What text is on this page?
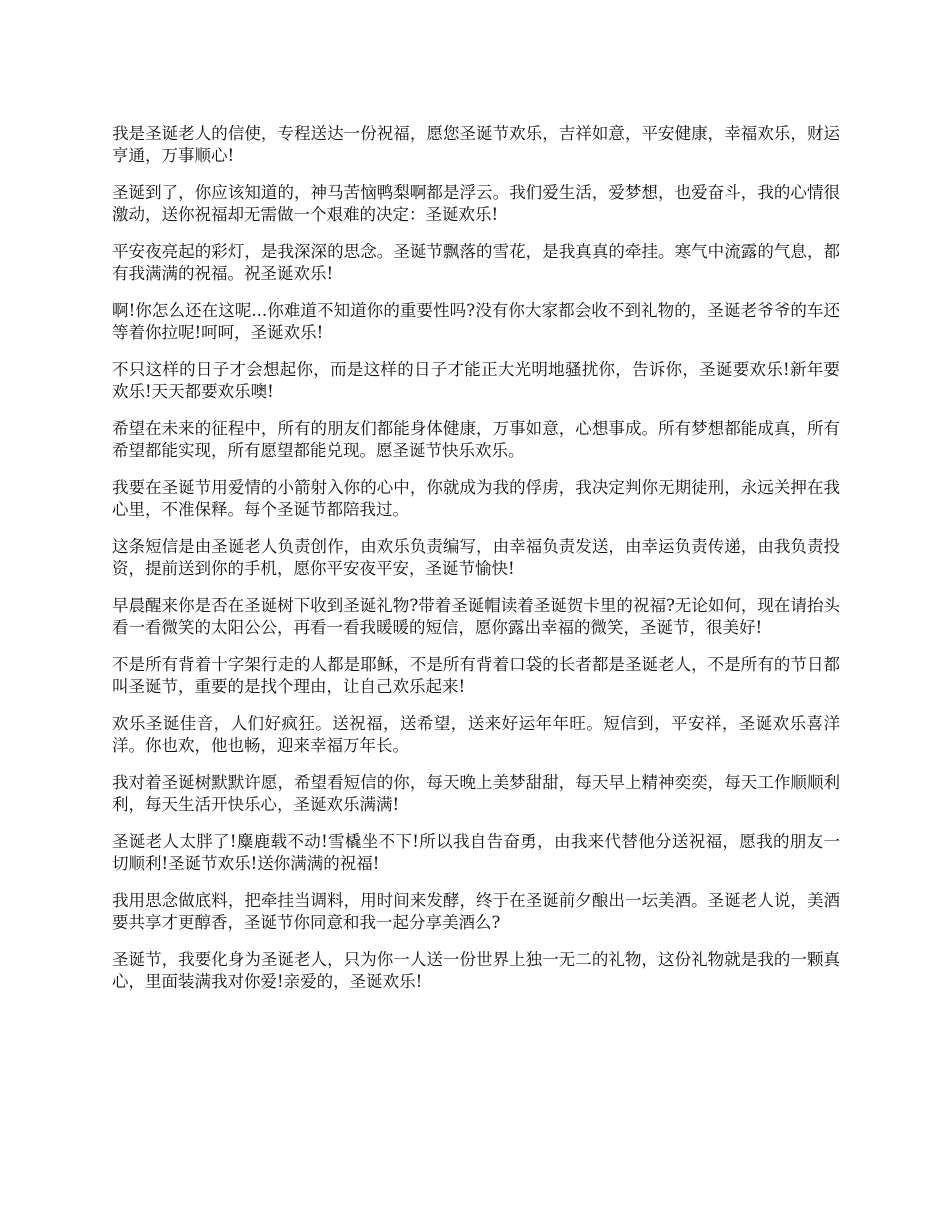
我是圣诞老人的信使，专程送达一份祝福，愿您圣诞节欢乐，吉祥如意，平安健康，幸福欢乐，财运亨通，万事顺心!

圣诞到了，你应该知道的，神马苦恼鸭梨啊都是浮云。我们爱生活，爱梦想，也爱奋斗，我的心情很激动，送你祝福却无需做一个艰难的决定：圣诞欢乐!

平安夜亮起的彩灯，是我深深的思念。圣诞节飘落的雪花，是我真真的牵挂。寒气中流露的气息，都有我满满的祝福。祝圣诞欢乐!

啊!你怎么还在这呢...你难道不知道你的重要性吗?没有你大家都会收不到礼物的，圣诞老爷爷的车还等着你拉呢!呵呵，圣诞欢乐!

不只这样的日子才会想起你，而是这样的日子才能正大光明地骚扰你，告诉你，圣诞要欢乐!新年要欢乐!天天都要欢乐噢!

希望在未来的征程中，所有的朋友们都能身体健康，万事如意，心想事成。所有梦想都能成真，所有希望都能实现，所有愿望都能兑现。愿圣诞节快乐欢乐。

我要在圣诞节用爱情的小箭射入你的心中，你就成为我的俘虏，我决定判你无期徒刑，永远关押在我心里，不准保释。每个圣诞节都陪我过。

这条短信是由圣诞老人负责创作，由欢乐负责编写，由幸福负责发送，由幸运负责传递，由我负责投资，提前送到你的手机，愿你平安夜平安，圣诞节愉快!

早晨醒来你是否在圣诞树下收到圣诞礼物?带着圣诞帽读着圣诞贺卡里的祝福?无论如何，现在请抬头看一看微笑的太阳公公，再看一看我暖暖的短信，愿你露出幸福的微笑，圣诞节，很美好!

不是所有背着十字架行走的人都是耶稣，不是所有背着口袋的长者都是圣诞老人，不是所有的节日都叫圣诞节，重要的是找个理由，让自己欢乐起来!

欢乐圣诞佳音，人们好疯狂。送祝福，送希望，送来好运年年旺。短信到，平安祥，圣诞欢乐喜洋洋。你也欢，他也畅，迎来幸福万年长。

我对着圣诞树默默许愿，希望看短信的你，每天晚上美梦甜甜，每天早上精神奕奕，每天工作顺顺利利，每天生活开快乐心，圣诞欢乐满满!

圣诞老人太胖了!麋鹿载不动!雪橇坐不下!所以我自告奋勇，由我来代替他分送祝福，愿我的朋友一切顺利!圣诞节欢乐!送你满满的祝福!

我用思念做底料，把牵挂当调料，用时间来发酵，终于在圣诞前夕酿出一坛美酒。圣诞老人说，美酒要共享才更醇香，圣诞节你同意和我一起分享美酒么?

圣诞节，我要化身为圣诞老人，只为你一人送一份世界上独一无二的礼物，这份礼物就是我的一颗真心，里面装满我对你爱!亲爱的，圣诞欢乐!
